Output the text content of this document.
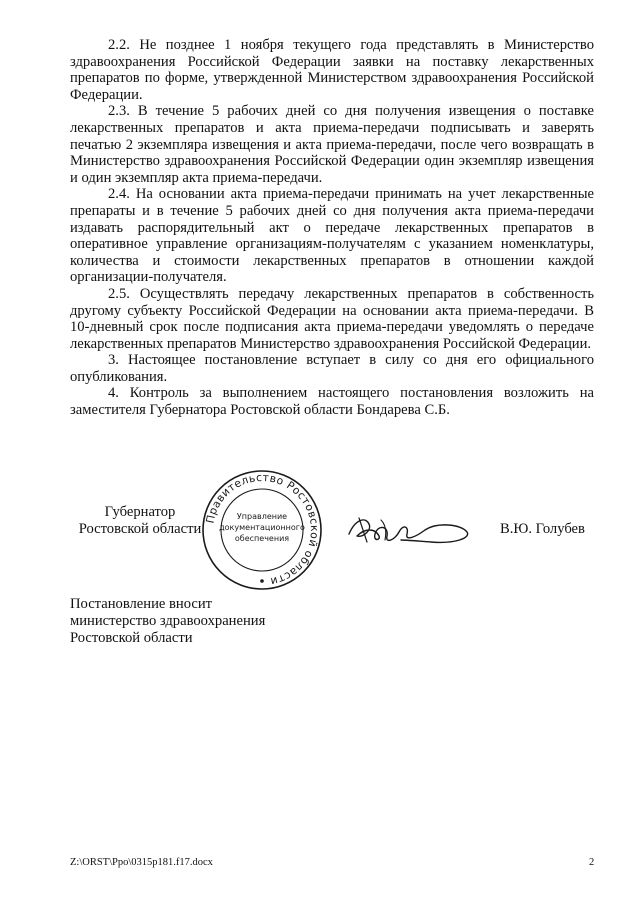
2.2. Не позднее 1 ноября текущего года представлять в Министерство здравоохранения Российской Федерации заявки на поставку лекарственных препаратов по форме, утвержденной Министерством здравоохранения Российской Федерации.

2.3. В течение 5 рабочих дней со дня получения извещения о поставке лекарственных препаратов и акта приема-передачи подписывать и заверять печатью 2 экземпляра извещения и акта приема-передачи, после чего возвращать в Министерство здравоохранения Российской Федерации один экземпляр извещения и один экземпляр акта приема-передачи.

2.4. На основании акта приема-передачи принимать на учет лекарственные препараты и в течение 5 рабочих дней со дня получения акта приема-передачи издавать распорядительный акт о передаче лекарственных препаратов в оперативное управление организациям-получателям с указанием номенклатуры, количества и стоимости лекарственных препаратов в отношении каждой организации-получателя.

2.5. Осуществлять передачу лекарственных препаратов в собственность другому субъекту Российской Федерации на основании акта приема-передачи. В 10-дневный срок после подписания акта приема-передачи уведомлять о передаче лекарственных препаратов Министерство здравоохранения Российской Федерации.

3. Настоящее постановление вступает в силу со дня его официального опубликования.

4. Контроль за выполнением настоящего постановления возложить на заместителя Губернатора Ростовской области Бондарева С.Б.

Губернатор
Ростовской области
Правительство Ростовской области
Управление
документационного
обеспечения
В.Ю. Голубев
Постановление вносит
министерство здравоохранения
Ростовской области
Z:\ORST\Ppo\0315p181.f17.docx	2
